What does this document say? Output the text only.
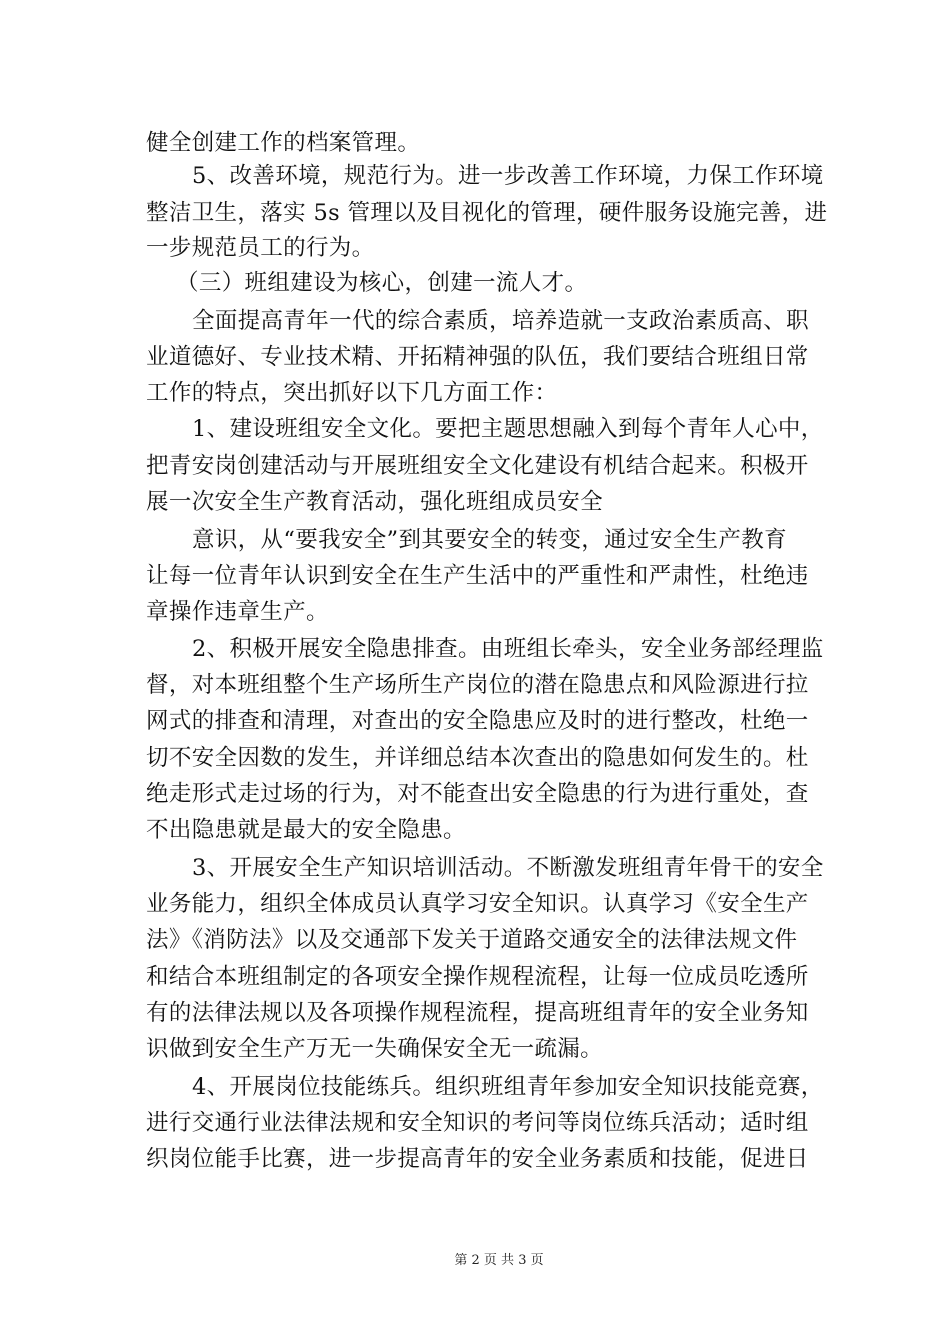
健全创建工作的档案管理。
5、改善环境，规范行为。进一步改善工作环境，力保工作环境
整洁卫生，落实 5s 管理以及目视化的管理，硬件服务设施完善，进
一步规范员工的行为。
（三）班组建设为核心，创建一流人才。
全面提高青年一代的综合素质，培养造就一支政治素质高、职
业道德好、专业技术精、开拓精神强的队伍，我们要结合班组日常
工作的特点，突出抓好以下几方面工作：
1、建设班组安全文化。要把主题思想融入到每个青年人心中，
把青安岗创建活动与开展班组安全文化建设有机结合起来。积极开
展一次安全生产教育活动，强化班组成员安全
意识，从“要我安全”到其要安全的转变，通过安全生产教育
让每一位青年认识到安全在生产生活中的严重性和严肃性，杜绝违
章操作违章生产。
2、积极开展安全隐患排查。由班组长牵头，安全业务部经理监
督，对本班组整个生产场所生产岗位的潜在隐患点和风险源进行拉
网式的排查和清理，对查出的安全隐患应及时的进行整改，杜绝一
切不安全因数的发生，并详细总结本次查出的隐患如何发生的。杜
绝走形式走过场的行为，对不能查出安全隐患的行为进行重处，查
不出隐患就是最大的安全隐患。
3、开展安全生产知识培训活动。不断激发班组青年骨干的安全
业务能力，组织全体成员认真学习安全知识。认真学习《安全生产
法》《消防法》以及交通部下发关于道路交通安全的法律法规文件
和结合本班组制定的各项安全操作规程流程，让每一位成员吃透所
有的法律法规以及各项操作规程流程，提高班组青年的安全业务知
识做到安全生产万无一失确保安全无一疏漏。
4、开展岗位技能练兵。组织班组青年参加安全知识技能竞赛，
进行交通行业法律法规和安全知识的考问等岗位练兵活动；适时组
织岗位能手比赛，进一步提高青年的安全业务素质和技能，促进日
第 2 页 共 3 页
